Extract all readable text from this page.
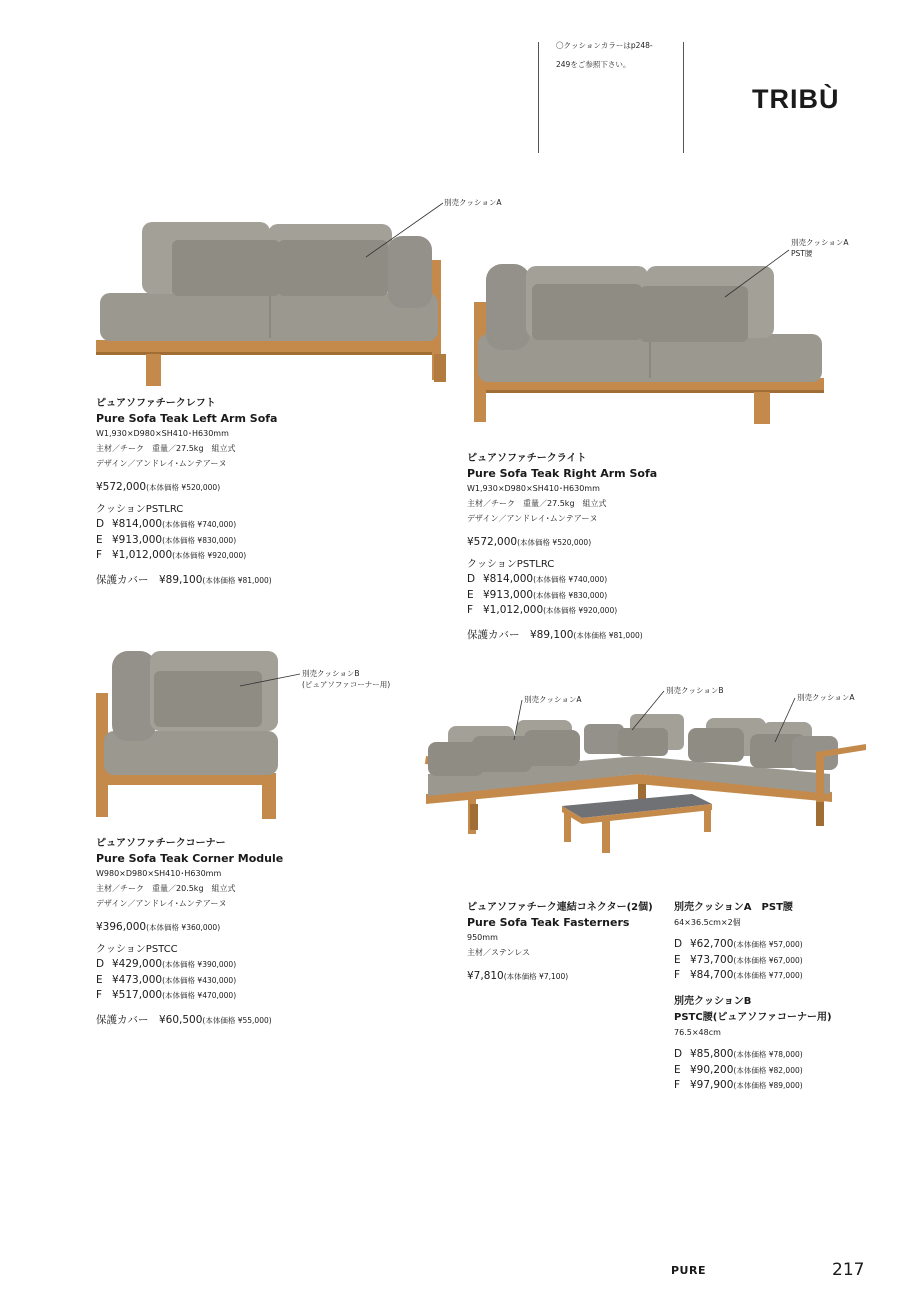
〇クッションカラーはp248-
249をご参照下さい。
TRIBÙ
別売クッションA
別売クッションA
PST腰
別売クッションB
(ピュアソファコーナー用)
別売クッションA
別売クッションB
別売クッションA
ピュアソファチークレフト
Pure Sofa Teak Left Arm Sofa
W1,930×D980×SH410･H630mm
主材／チーク　重量／27.5kg　組立式
デザイン／アンドレイ･ムンテアーヌ
¥572,000(本体価格 ¥520,000)
クッションPSTLRC
D ¥814,000(本体価格 ¥740,000)
E ¥913,000(本体価格 ¥830,000)
F ¥1,012,000(本体価格 ¥920,000)
保護カバー　 ¥89,100(本体価格 ¥81,000)
ピュアソファチークライト
Pure Sofa Teak Right Arm Sofa
W1,930×D980×SH410･H630mm
主材／チーク　重量／27.5kg　組立式
デザイン／アンドレイ･ムンテアーヌ
¥572,000(本体価格 ¥520,000)
クッションPSTLRC
D ¥814,000(本体価格 ¥740,000)
E ¥913,000(本体価格 ¥830,000)
F ¥1,012,000(本体価格 ¥920,000)
保護カバー　 ¥89,100(本体価格 ¥81,000)
ピュアソファチークコーナー
Pure Sofa Teak Corner Module
W980×D980×SH410･H630mm
主材／チーク　重量／20.5kg　組立式
デザイン／アンドレイ･ムンテアーヌ
¥396,000(本体価格 ¥360,000)
クッションPSTCC
D ¥429,000(本体価格 ¥390,000)
E ¥473,000(本体価格 ¥430,000)
F ¥517,000(本体価格 ¥470,000)
保護カバー　 ¥60,500(本体価格 ¥55,000)
ピュアソファチーク連結コネクター(2個)
Pure Sofa Teak Fasterners
950mm
主材／ステンレス
¥7,810(本体価格 ¥7,100)
別売クッションA　PST腰
64×36.5cm×2個
D ¥62,700(本体価格 ¥57,000)
E ¥73,700(本体価格 ¥67,000)
F ¥84,700(本体価格 ¥77,000)
別売クッションB
PSTC腰(ピュアソファコーナー用)
76.5×48cm
D ¥85,800(本体価格 ¥78,000)
E ¥90,200(本体価格 ¥82,000)
F ¥97,900(本体価格 ¥89,000)
PURE	217
